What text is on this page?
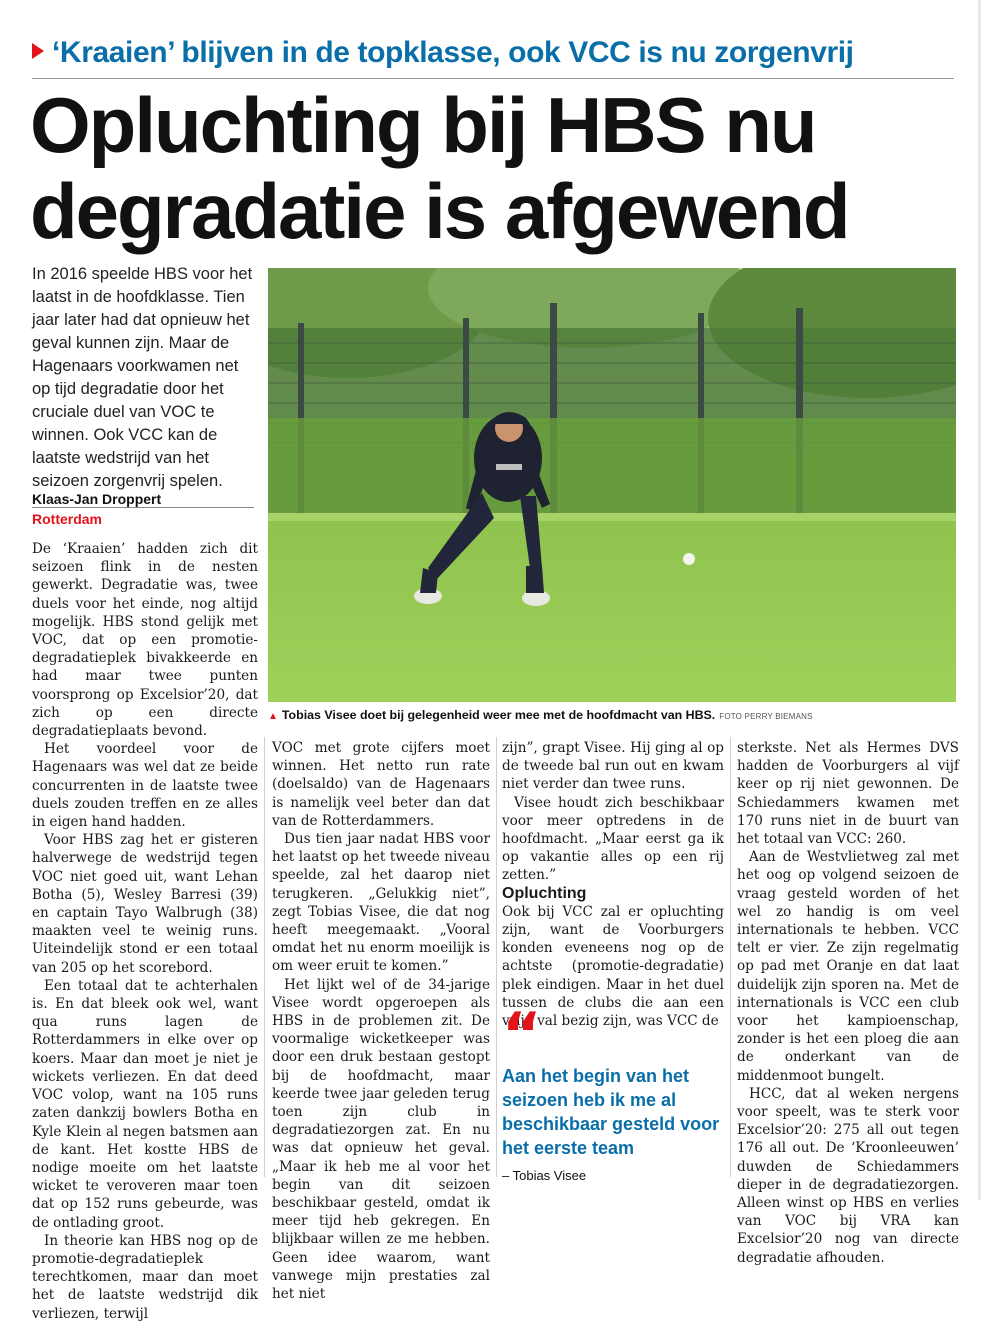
‘Kraaien’ blijven in de topklasse, ook VCC is nu zorgenvrij
Opluchting bij HBS nu degradatie is afgewend
In 2016 speelde HBS voor het laatst in de hoofdklasse. Tien jaar later had dat opnieuw het geval kunnen zijn. Maar de Hagenaars voorkwamen net op tijd degradatie door het cruciale duel van VOC te winnen. Ook VCC kan de laatste wedstrijd van het seizoen zorgenvrij spelen.
Klaas-Jan Droppert
Rotterdam

De ‘Kraaien’ hadden zich dit seizoen flink in de nesten gewerkt. Degradatie was, twee duels voor het einde, nog altijd mogelijk. HBS stond gelijk met VOC, dat op een promotie-degradatieplek bivakkeerde en had maar twee punten voorsprong op Excelsior’20, dat zich op een directe degradatieplaats bevond.

Het voordeel voor de Hagenaars was wel dat ze beide concurrenten in de laatste twee duels zouden treffen en ze alles in eigen hand hadden.

Voor HBS zag het er gisteren halverwege de wedstrijd tegen VOC niet goed uit, want Lehan Botha (5), Wesley Barresi (39) en captain Tayo Walbrugh (38) maakten veel te weinig runs. Uiteindelijk stond er een totaal van 205 op het scorebord.

Een totaal dat te achterhalen is. En dat bleek ook wel, want qua runs lagen de Rotterdammers in elke over op koers. Maar dan moet je niet je wickets verliezen. En dat deed VOC volop, want na 105 runs zaten dankzij bowlers Botha en Kyle Klein al negen batsmen aan de kant. Het kostte HBS de nodige moeite om het laatste wicket te veroveren maar toen dat op 152 runs gebeurde, was de ontlading groot.

In theorie kan HBS nog op de promotie-degradatieplek terechtkomen, maar dan moet het de laatste wedstrijd dik verliezen, terwijl

▲ Tobias Visee doet bij gelegenheid weer mee met de hoofdmacht van HBS. FOTO PERRY BIEMANS

VOC met grote cijfers moet winnen. Het netto run rate (doelsaldo) van de Hagenaars is namelijk veel beter dan dat van de Rotterdammers.

Dus tien jaar nadat HBS voor het laatst op het tweede niveau speelde, zal het daarop niet terugkeren. „Gelukkig niet”, zegt Tobias Visee, die dat nog heeft meegemaakt. „Vooral omdat het nu enorm moeilijk is om weer eruit te komen.”

Het lijkt wel of de 34-jarige Visee wordt opgeroepen als HBS in de problemen zit. De voormalige wicketkeeper was door een druk bestaan gestopt bij de hoofdmacht, maar keerde twee jaar geleden terug toen zijn club in degradatiezorgen zat. En nu was dat opnieuw het geval. „Maar ik heb me al voor het begin van dit seizoen beschikbaar gesteld, omdat ik meer tijd heb gekregen. En blijkbaar willen ze me hebben. Geen idee waarom, want vanwege mijn prestaties zal het niet

zijn”, grapt Visee. Hij ging al op de tweede bal run out en kwam niet verder dan twee runs.

Visee houdt zich beschikbaar voor meer optredens in de hoofdmacht. „Maar eerst ga ik op vakantie alles op een rij zetten.”

Opluchting

Ook bij VCC zal er opluchting zijn, want de Voorburgers konden eveneens nog op de achtste (promotie-degradatie) plek eindigen. Maar in het duel tussen de clubs die aan een vrije val bezig zijn, was VCC de

“
Aan het begin van het seizoen heb ik me al beschikbaar gesteld voor het eerste team
– Tobias Visee

sterkste. Net als Hermes DVS hadden de Voorburgers al vijf keer op rij niet gewonnen. De Schiedammers kwamen met 170 runs niet in de buurt van het totaal van VCC: 260.

Aan de Westvlietweg zal met het oog op volgend seizoen de vraag gesteld worden of het wel zo handig is om veel internationals te hebben. VCC telt er vier. Ze zijn regelmatig op pad met Oranje en dat laat duidelijk zijn sporen na. Met de internationals is VCC een club voor het kampioenschap, zonder is het een ploeg die aan de onderkant van de middenmoot bungelt.

HCC, dat al weken nergens voor speelt, was te sterk voor Excelsior’20: 275 all out tegen 176 all out. De ‘Kroonleeuwen’ duwden de Schiedammers dieper in de degradatiezorgen. Alleen winst op HBS en verlies van VOC bij VRA kan Excelsior’20 nog van directe degradatie afhouden.
